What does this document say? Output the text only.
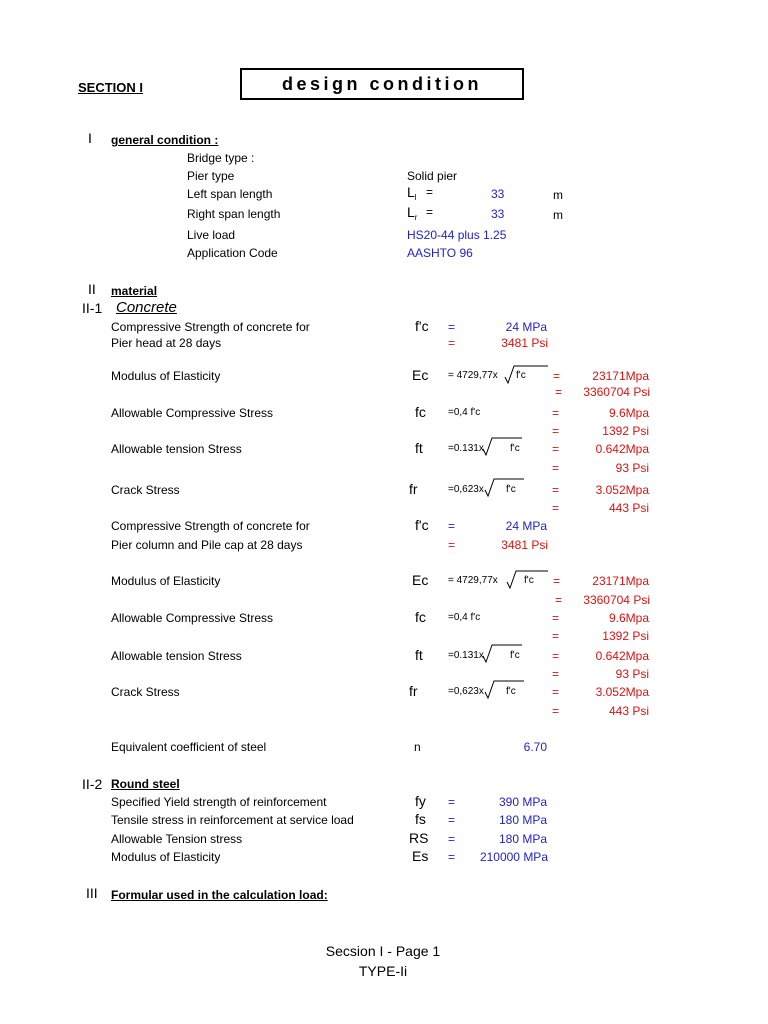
SECTION I	design condition
I general condition :
Bridge type :
Pier type	Solid pier
Left span length	$L_l$ =	33	m
Right span length	$L_r$ =	33	m
Live load	HS20-44 plus 1.25
Application Code	AASHTO 96
II material
II-1 Concrete
Compressive Strength of concrete for
Pier head at 28 days
f'c =	24 MPa
=	3481 Psi
Modulus of Elasticity	Ec = 4729,77x f'c =	23171Mpa
=	3360704 Psi
Allowable Compressive Stress	fc =0,4 f'c	=	9.6Mpa
=	1392 Psi
Allowable tension Stress	ft	=0.131x	f'c	=	0.642Mpa
=	93 Psi
Crack Stress	fr	=0,623x f'c	=	3.052Mpa
=	443 Psi
Compressive Strength of concrete for
Pier column and Pile cap at 28 days
f'c =	24 MPa
=	3481 Psi
Modulus of Elasticity	Ec = 4729,77x	f'c =	23171Mpa
=	3360704 Psi
Allowable Compressive Stress	fc =0,4 f'c	=	9.6Mpa
=	1392 Psi
Allowable tension Stress	ft	=0.131x	f'c	=	0.642Mpa
=	93 Psi
Crack Stress	fr	=0,623x f'c	=	3.052Mpa
=	443 Psi
Equivalent coefficient of steel	n	6.70
II-2 Round steel
Specified Yield strength of reinforcement	fy =	390 MPa
Tensile stress in reinforcement at service load	fs =	180 MPa
Allowable Tension stress	RS =	180 MPa
Modulus of Elasticity	Es =	210000 MPa
III Formular used in the calculation load:
Secsion I - Page 1
TYPE-Ii
